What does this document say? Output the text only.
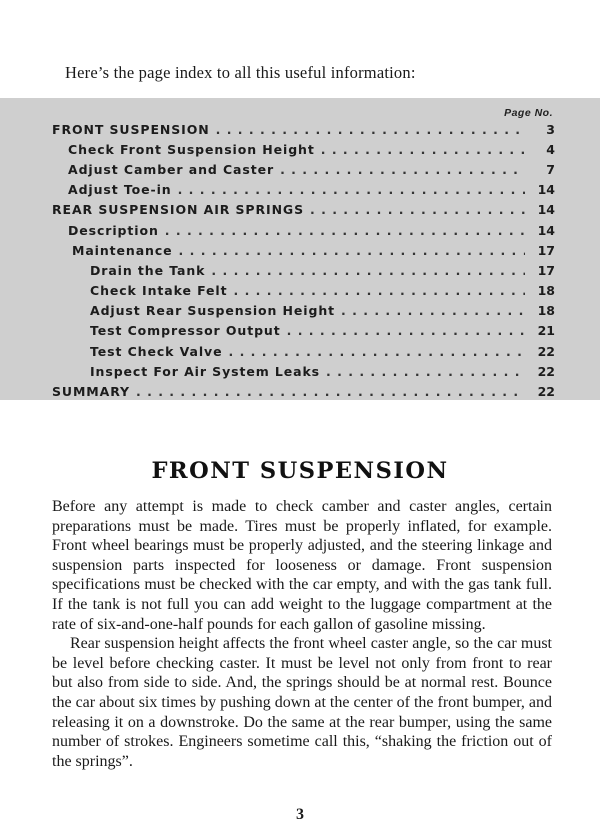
Here’s the page index to all this useful information:
Page No.
FRONT SUSPENSION . . .	3
Check Front Suspension Height . . .	4
Adjust Camber and Caster . . .	7
Adjust Toe-in . . .	14
REAR SUSPENSION AIR SPRINGS . . .	14
Description . . .	14
Maintenance . . .	17
Drain the Tank . . .	17
Check Intake Felt . . .	18
Adjust Rear Suspension Height . . .	18
Test Compressor Output . . .	21
Test Check Valve . . .	22
Inspect For Air System Leaks . . .	22
SUMMARY . . .	22
FRONT SUSPENSION

Before any attempt is made to check camber and caster angles, certain preparations must be made. Tires must be properly inflated, for example. Front wheel bearings must be properly adjusted, and the steering linkage and suspension parts inspected for looseness or damage. Front suspension specifications must be checked with the car empty, and with the gas tank full. If the tank is not full you can add weight to the luggage compartment at the rate of six-and-one-half pounds for each gallon of gasoline missing.

Rear suspension height affects the front wheel caster angle, so the car must be level before checking caster. It must be level not only from front to rear but also from side to side. And, the springs should be at normal rest. Bounce the car about six times by pushing down at the center of the front bumper, and releasing it on a downstroke. Do the same at the rear bumper, using the same number of strokes. Engineers sometime call this, “shaking the friction out of the springs”.

3
